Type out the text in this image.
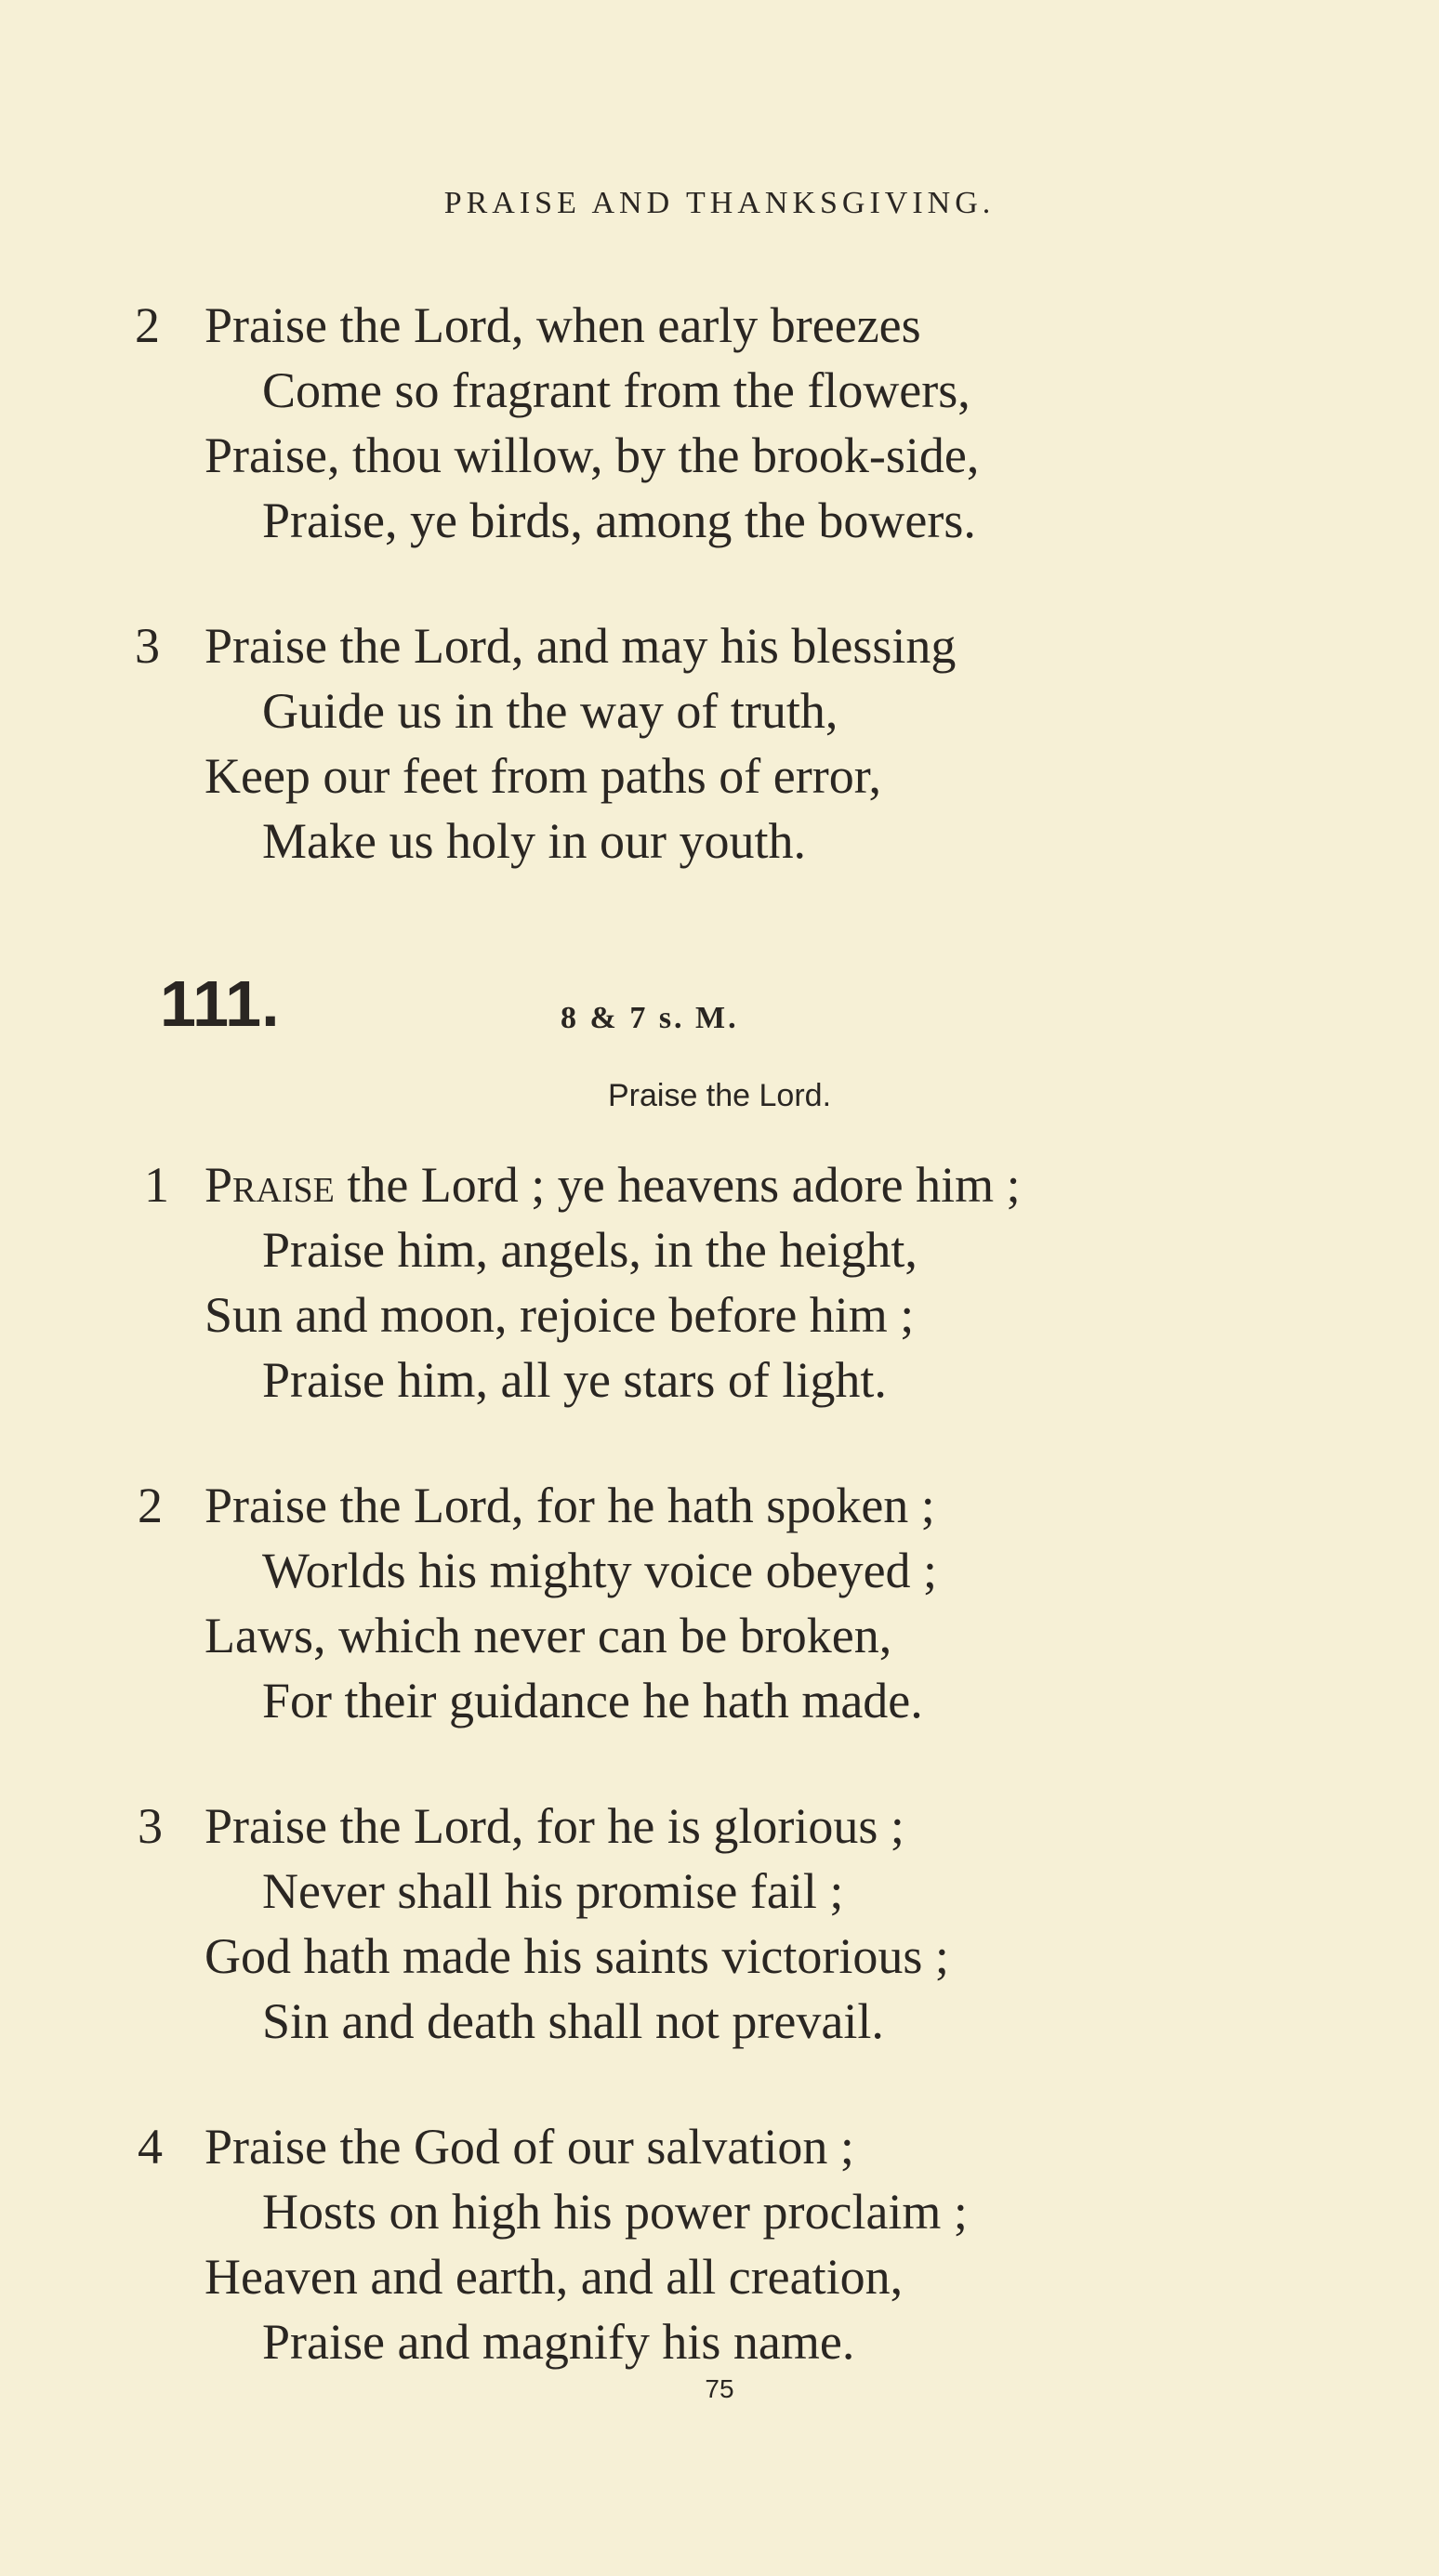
PRAISE AND THANKSGIVING.
2 Praise the Lord, when early breezes
Come so fragrant from the flowers,
Praise, thou willow, by the brook-side,
Praise, ye birds, among the bowers.
3 Praise the Lord, and may his blessing
Guide us in the way of truth,
Keep our feet from paths of error,
Make us holy in our youth.
111.	8 & 7 s. M.
Praise the Lord.
1 Praise the Lord ; ye heavens adore him ;
Praise him, angels, in the height,
Sun and moon, rejoice before him ;
Praise him, all ye stars of light.
2 Praise the Lord, for he hath spoken ;
Worlds his mighty voice obeyed ;
Laws, which never can be broken,
For their guidance he hath made.
3 Praise the Lord, for he is glorious ;
Never shall his promise fail ;
God hath made his saints victorious ;
Sin and death shall not prevail.
4 Praise the God of our salvation ;
Hosts on high his power proclaim ;
Heaven and earth, and all creation,
Praise and magnify his name.
75
